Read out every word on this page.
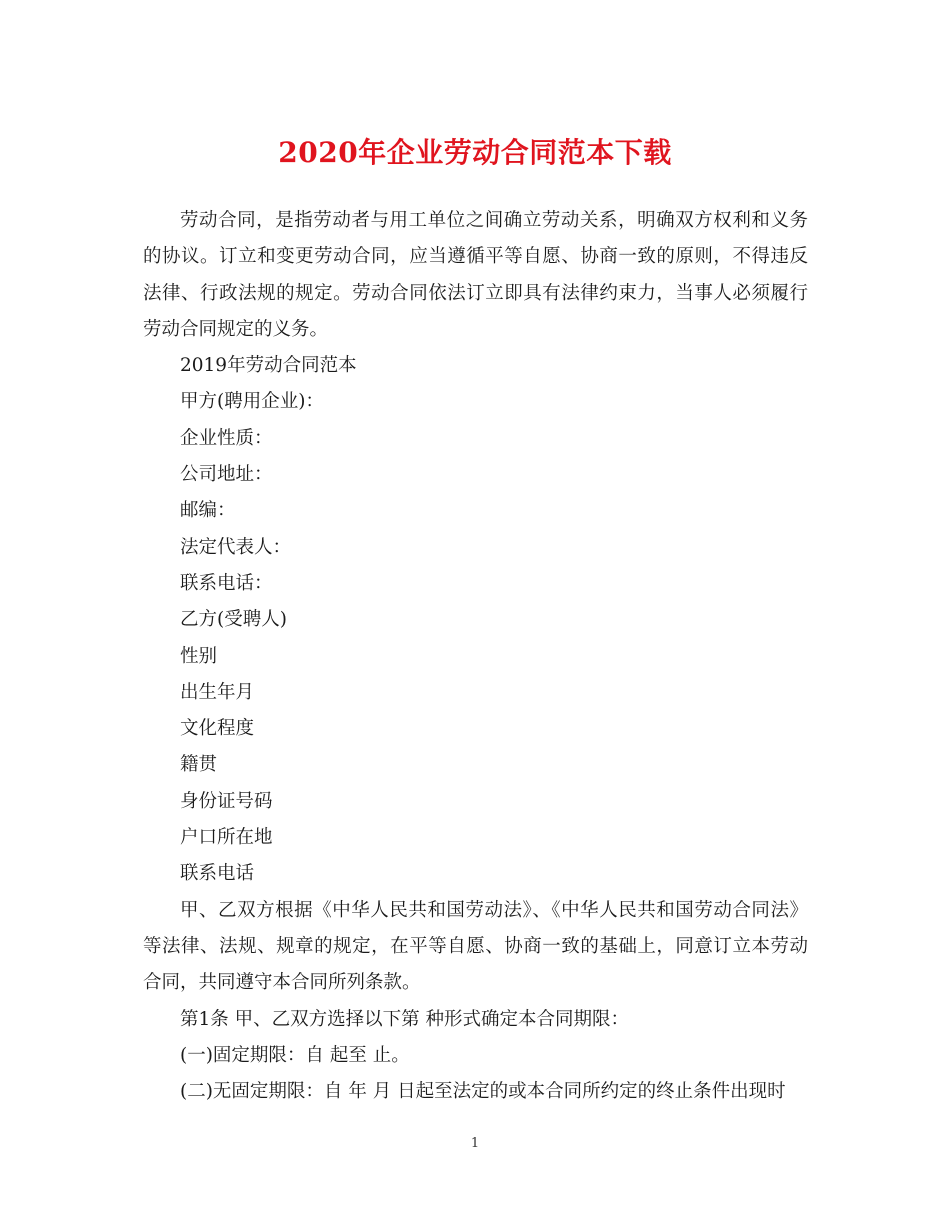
2020年企业劳动合同范本下载

劳动合同，是指劳动者与用工单位之间确立劳动关系，明确双方权利和义务的协议。订立和变更劳动合同，应当遵循平等自愿、协商一致的原则，不得违反法律、行政法规的规定。劳动合同依法订立即具有法律约束力，当事人必须履行劳动合同规定的义务。

2019年劳动合同范本

甲方(聘用企业)：

企业性质：

公司地址：

邮编：

法定代表人：

联系电话：

乙方(受聘人)

性别

出生年月

文化程度

籍贯

身份证号码

户口所在地

联系电话

甲、乙双方根据《中华人民共和国劳动法》、《中华人民共和国劳动合同法》等法律、法规、规章的规定，在平等自愿、协商一致的基础上，同意订立本劳动合同，共同遵守本合同所列条款。

第1条 甲、乙双方选择以下第 种形式确定本合同期限：

(一)固定期限：自 起至 止。

(二)无固定期限：自 年 月 日起至法定的或本合同所约定的终止条件出现时

1
